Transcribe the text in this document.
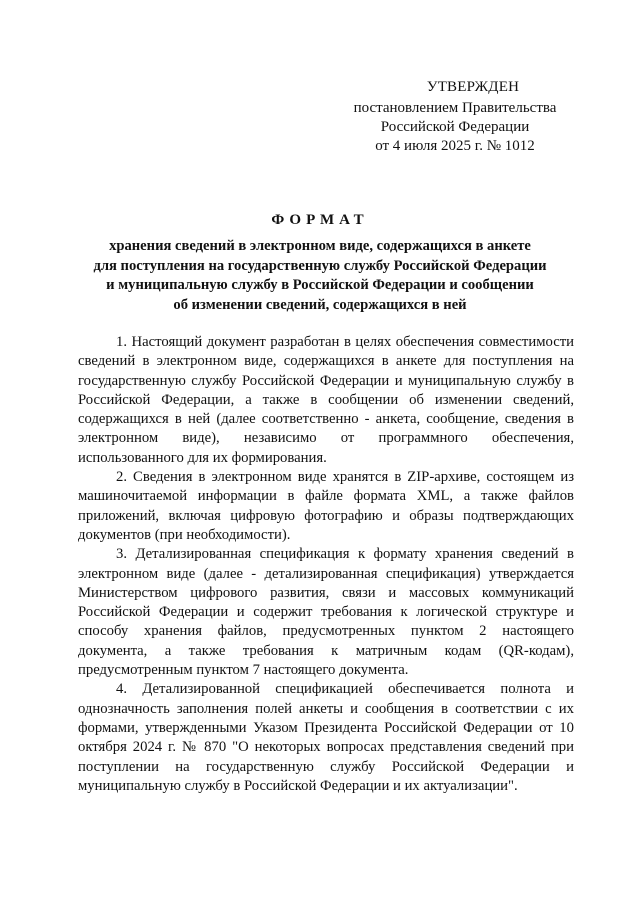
УТВЕРЖДЕН
постановлением Правительства
Российской Федерации
от 4 июля 2025 г. № 1012
ФОРМАТ
хранения сведений в электронном виде, содержащихся в анкете
для поступления на государственную службу Российской Федерации
и муниципальную службу в Российской Федерации и сообщении
об изменении сведений, содержащихся в ней

1. Настоящий документ разработан в целях обеспечения совместимости сведений в электронном виде, содержащихся в анкете для поступления на государственную службу Российской Федерации и муниципальную службу в Российской Федерации, а также в сообщении об изменении сведений, содержащихся в ней (далее соответственно - анкета, сообщение, сведения в электронном виде), независимо от программного обеспечения, использованного для их формирования.

2. Сведения в электронном виде хранятся в ZIP-архиве, состоящем из машиночитаемой информации в файле формата XML, а также файлов приложений, включая цифровую фотографию и образы подтверждающих документов (при необходимости).

3. Детализированная спецификация к формату хранения сведений в электронном виде (далее - детализированная спецификация) утверждается Министерством цифрового развития, связи и массовых коммуникаций Российской Федерации и содержит требования к логической структуре и способу хранения файлов, предусмотренных пунктом 2 настоящего документа, а также требования к матричным кодам (QR-кодам), предусмотренным пунктом 7 настоящего документа.

4. Детализированной спецификацией обеспечивается полнота и однозначность заполнения полей анкеты и сообщения в соответствии с их формами, утвержденными Указом Президента Российской Федерации от 10 октября 2024 г. № 870 "О некоторых вопросах представления сведений при поступлении на государственную службу Российской Федерации и муниципальную службу в Российской Федерации и их актуализации".
